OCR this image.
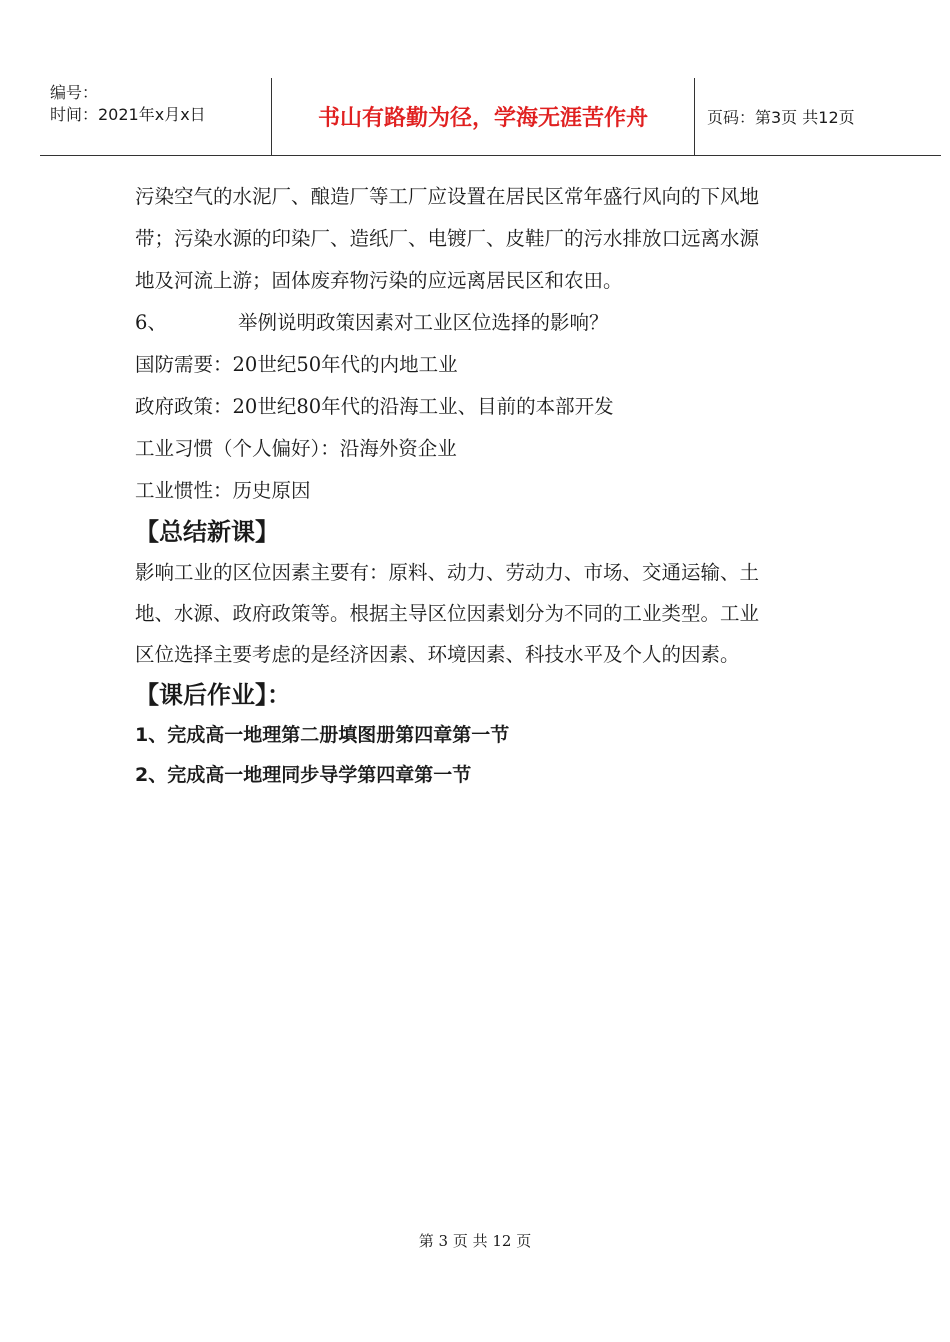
编号：
时间：2021年x月x日	书山有路勤为径，学海无涯苦作舟	页码：第3页 共12页

污染空气的水泥厂、酿造厂等工厂应设置在居民区常年盛行风向的下风地

带；污染水源的印染厂、造纸厂、电镀厂、皮鞋厂的污水排放口远离水源

地及河流上游；固体废弃物污染的应远离居民区和农田。

6、	举例说明政策因素对工业区位选择的影响？

国防需要：20世纪50年代的内地工业

政府政策：20世纪80年代的沿海工业、目前的本部开发

工业习惯（个人偏好）：沿海外资企业

工业惯性：历史原因

【总结新课】

影响工业的区位因素主要有：原料、动力、劳动力、市场、交通运输、土

地、水源、政府政策等。根据主导区位因素划分为不同的工业类型。工业

区位选择主要考虑的是经济因素、环境因素、科技水平及个人的因素。

【课后作业】：

1、完成高一地理第二册填图册第四章第一节

2、完成高一地理同步导学第四章第一节

第 3 页 共 12 页
